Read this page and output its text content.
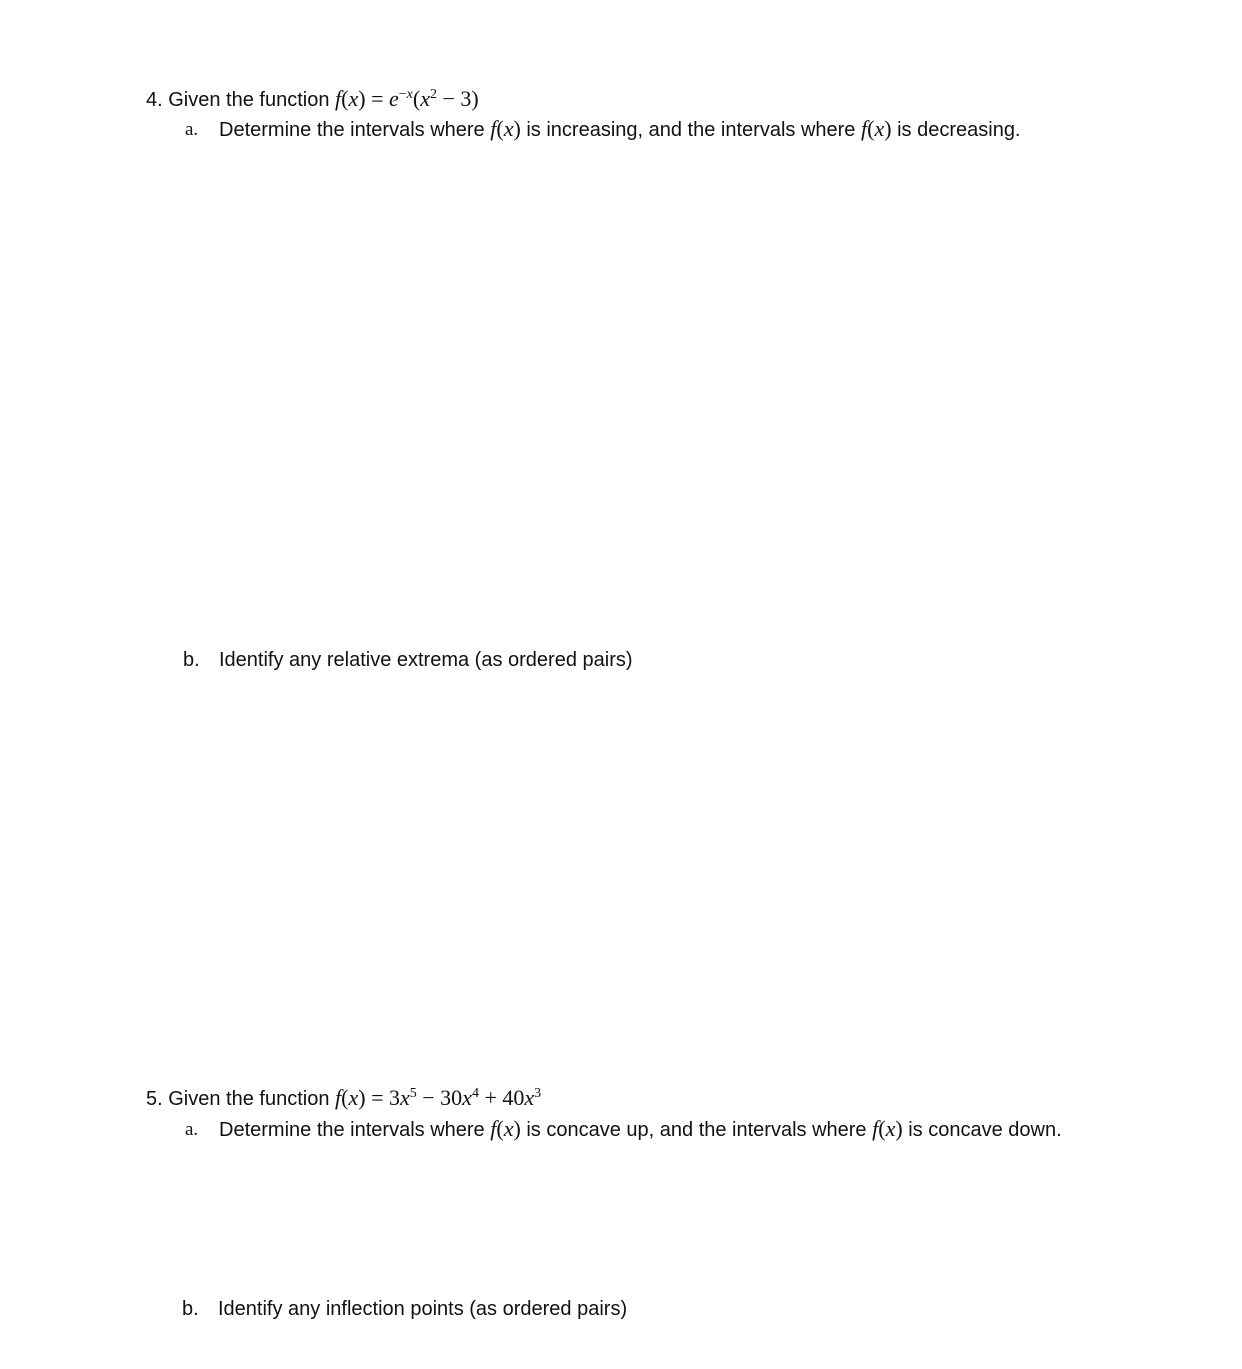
4. Given the function $f(x) = e^{-x}(x^2 - 3)$
a. Determine the intervals where f(x) is increasing, and the intervals where f(x) is decreasing.
b. Identify any relative extrema (as ordered pairs)
5. Given the function $f(x) = 3x^5 - 30x^4 + 40x^3$
a. Determine the intervals where f(x) is concave up, and the intervals where f(x) is concave down.
b. Identify any inflection points (as ordered pairs)
